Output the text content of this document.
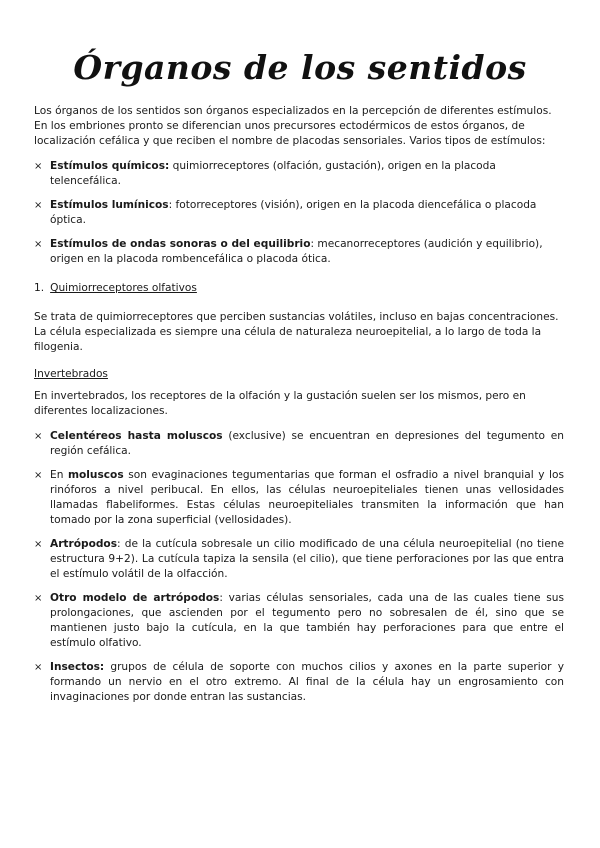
Órganos de los sentidos

Los órganos de los sentidos son órganos especializados en la percepción de diferentes estímulos. En los embriones pronto se diferencian unos precursores ectodérmicos de estos órganos, de localización cefálica y que reciben el nombre de placodas sensoriales. Varios tipos de estímulos:

× Estímulos químicos: quimiorreceptores (olfación, gustación), origen en la placoda telencefálica.
× Estímulos lumínicos: fotorreceptores (visión), origen en la placoda diencefálica o placoda óptica.
× Estímulos de ondas sonoras o del equilibrio: mecanorreceptores (audición y equilibrio), origen en la placoda rombencefálica o placoda ótica.

1. Quimiorreceptores olfativos

Se trata de quimiorreceptores que perciben sustancias volátiles, incluso en bajas concentraciones. La célula especializada es siempre una célula de naturaleza neuroepitelial, a lo largo de toda la filogenia.

Invertebrados

En invertebrados, los receptores de la olfación y la gustación suelen ser los mismos, pero en diferentes localizaciones.

× Celentéreos hasta moluscos (exclusive) se encuentran en depresiones del tegumento en región cefálica.
× En moluscos son evaginaciones tegumentarias que forman el osfradio a nivel branquial y los rinóforos a nivel peribucal. En ellos, las células neuroepiteliales tienen unas vellosidades llamadas flabeliformes. Estas células neuroepiteliales transmiten la información que han tomado por la zona superficial (vellosidades).
× Artrópodos: de la cutícula sobresale un cilio modificado de una célula neuroepitelial (no tiene estructura 9+2). La cutícula tapiza la sensila (el cilio), que tiene perforaciones por las que entra el estímulo volátil de la olfacción.
× Otro modelo de artrópodos: varias células sensoriales, cada una de las cuales tiene sus prolongaciones, que ascienden por el tegumento pero no sobresalen de él, sino que se mantienen justo bajo la cutícula, en la que también hay perforaciones para que entre el estímulo olfativo.
× Insectos: grupos de célula de soporte con muchos cilios y axones en la parte superior y formando un nervio en el otro extremo. Al final de la célula hay un engrosamiento con invaginaciones por donde entran las sustancias.
